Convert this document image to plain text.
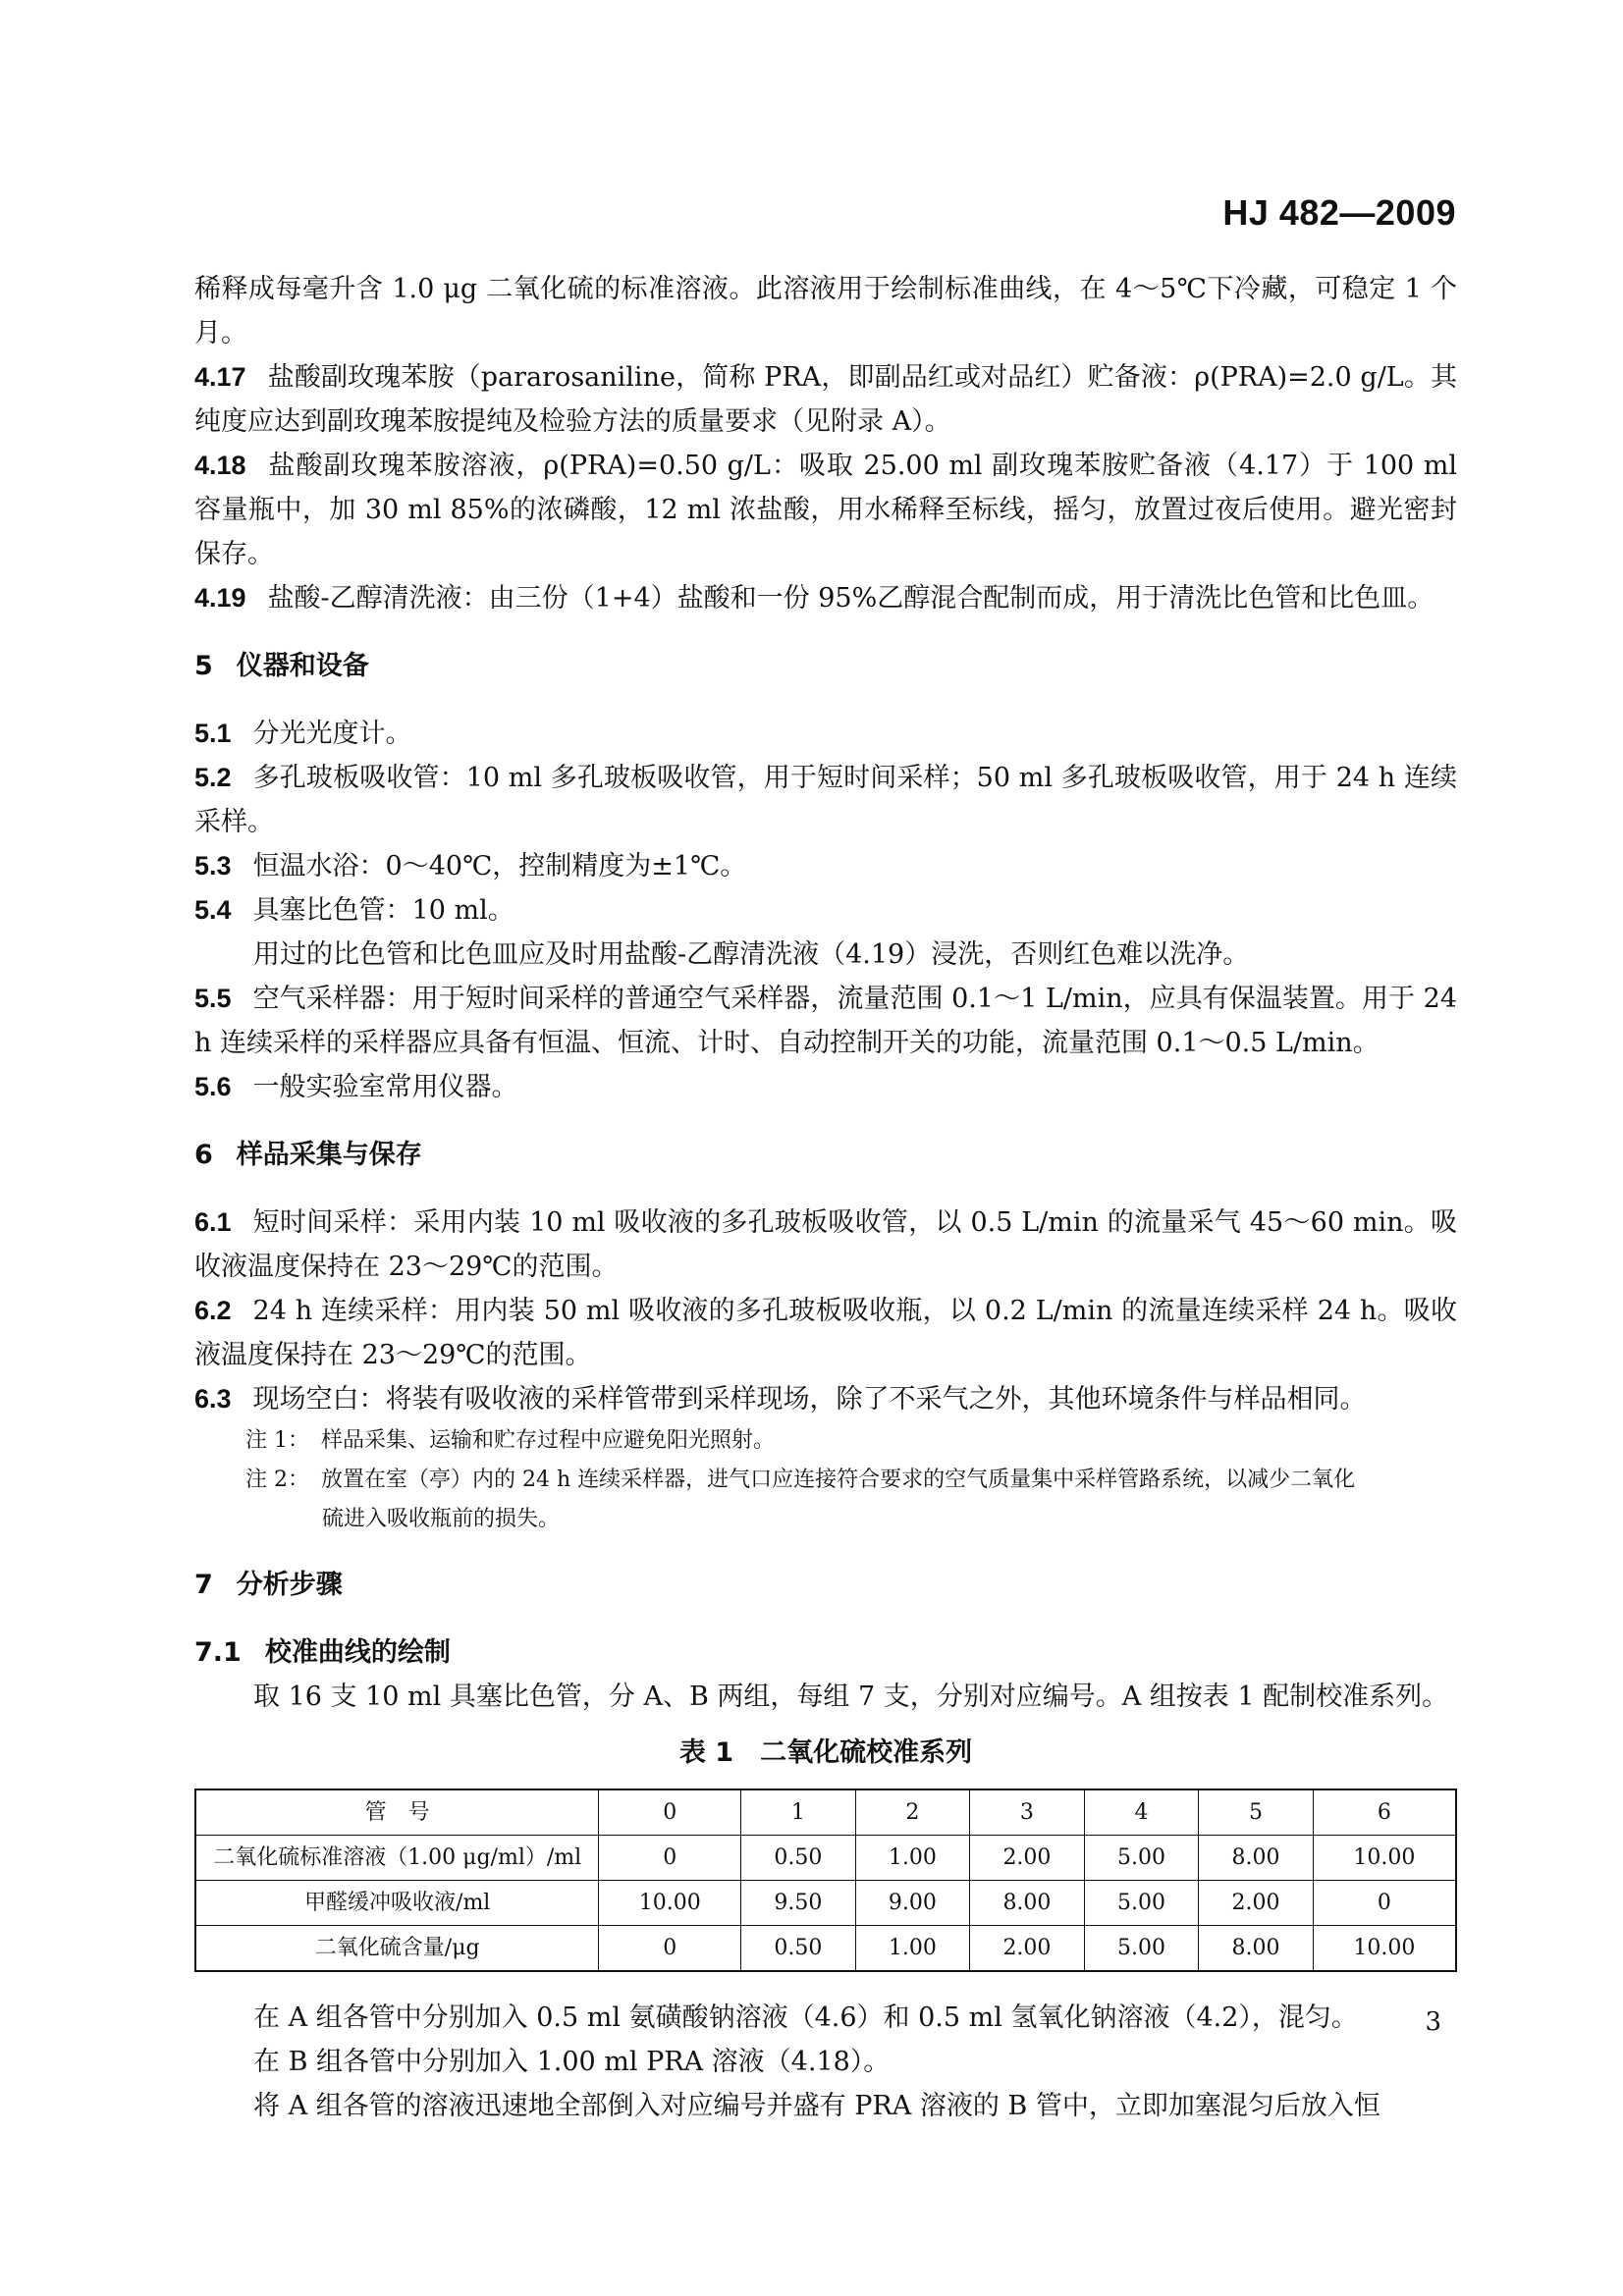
HJ 482—2009

稀释成每毫升含 1.0 μg 二氧化硫的标准溶液。此溶液用于绘制标准曲线，在 4～5℃下冷藏，可稳定 1 个月。

4.17 盐酸副玫瑰苯胺（pararosaniline，简称 PRA，即副品红或对品红）贮备液：ρ(PRA)=2.0 g/L。其纯度应达到副玫瑰苯胺提纯及检验方法的质量要求（见附录 A）。

4.18 盐酸副玫瑰苯胺溶液，ρ(PRA)=0.50 g/L：吸取 25.00 ml 副玫瑰苯胺贮备液（4.17）于 100 ml 容量瓶中，加 30 ml 85%的浓磷酸，12 ml 浓盐酸，用水稀释至标线，摇匀，放置过夜后使用。避光密封保存。

4.19 盐酸-乙醇清洗液：由三份（1+4）盐酸和一份 95%乙醇混合配制而成，用于清洗比色管和比色皿。

5 仪器和设备

5.1 分光光度计。

5.2 多孔玻板吸收管：10 ml 多孔玻板吸收管，用于短时间采样；50 ml 多孔玻板吸收管，用于 24 h 连续采样。

5.3 恒温水浴：0～40℃，控制精度为±1℃。

5.4 具塞比色管：10 ml。

用过的比色管和比色皿应及时用盐酸-乙醇清洗液（4.19）浸洗，否则红色难以洗净。

5.5 空气采样器：用于短时间采样的普通空气采样器，流量范围 0.1～1 L/min，应具有保温装置。用于 24 h 连续采样的采样器应具备有恒温、恒流、计时、自动控制开关的功能，流量范围 0.1～0.5 L/min。

5.6 一般实验室常用仪器。

6 样品采集与保存

6.1 短时间采样：采用内装 10 ml 吸收液的多孔玻板吸收管，以 0.5 L/min 的流量采气 45～60 min。吸收液温度保持在 23～29℃的范围。

6.2 24 h 连续采样：用内装 50 ml 吸收液的多孔玻板吸收瓶，以 0.2 L/min 的流量连续采样 24 h。吸收液温度保持在 23～29℃的范围。

6.3 现场空白：将装有吸收液的采样管带到采样现场，除了不采气之外，其他环境条件与样品相同。

注 1： 样品采集、运输和贮存过程中应避免阳光照射。

注 2： 放置在室（亭）内的 24 h 连续采样器，进气口应连接符合要求的空气质量集中采样管路系统，以减少二氧化

硫进入吸收瓶前的损失。

7 分析步骤

7.1 校准曲线的绘制

取 16 支 10 ml 具塞比色管，分 A、B 两组，每组 7 支，分别对应编号。A 组按表 1 配制校准系列。

表 1　二氧化硫校准系列
管　号	0	1	2	3	4	5	6
二氧化硫标准溶液（1.00 μg/ml）/ml	0	0.50	1.00	2.00	5.00	8.00	10.00
甲醛缓冲吸收液/ml	10.00	9.50	9.00	8.00	5.00	2.00	0
二氧化硫含量/μg	0	0.50	1.00	2.00	5.00	8.00	10.00

在 A 组各管中分别加入 0.5 ml 氨磺酸钠溶液（4.6）和 0.5 ml 氢氧化钠溶液（4.2），混匀。

在 B 组各管中分别加入 1.00 ml PRA 溶液（4.18）。

将 A 组各管的溶液迅速地全部倒入对应编号并盛有 PRA 溶液的 B 管中，立即加塞混匀后放入恒

3
